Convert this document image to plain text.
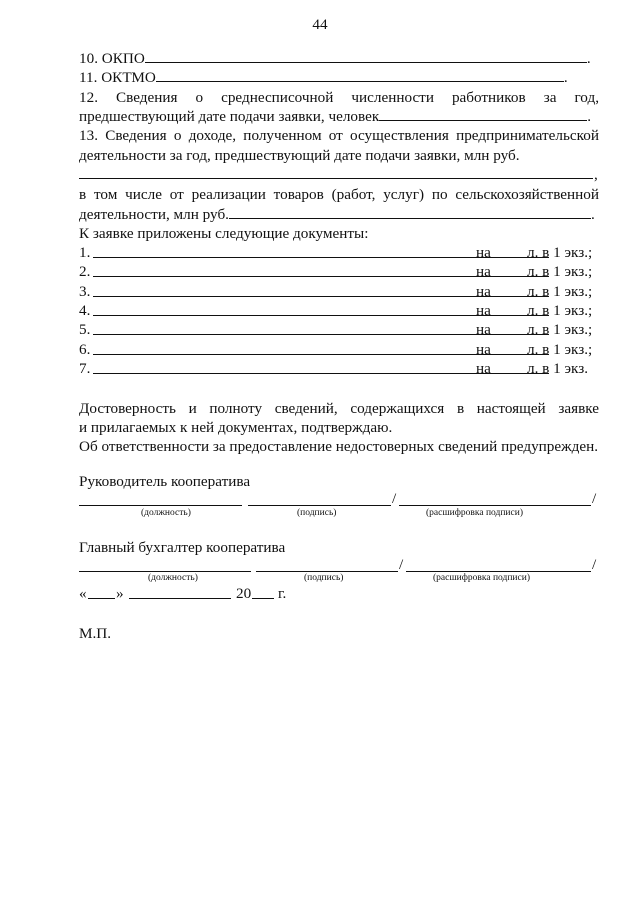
44
10. ОКПО	.
11. ОКТМО	.
12. Сведения о среднесписочной численности работников за год,
предшествующий дате подачи заявки, человек	.
13. Сведения о доходе, полученном от осуществления предпринимательской
деятельности за год, предшествующий дате подачи заявки, млн руб.
,
в том числе от реализации товаров (работ, услуг) по сельскохозяйственной
деятельности, млн руб.	.
К заявке приложены следующие документы:
1.	на л. в 1 экз.;
2.	на л. в 1 экз.;
3.	на л. в 1 экз.;
4.	на л. в 1 экз.;
5.	на л. в 1 экз.;
6.	на л. в 1 экз.;
7.	на л. в 1 экз.
Достоверность и полноту сведений, содержащихся в настоящей заявке
и прилагаемых к ней документах, подтверждаю.
Об ответственности за предоставление недостоверных сведений предупрежден.
Руководитель кооператива
/	/
(должность)	(подпись)	(расшифровка подписи)
Главный бухгалтер кооператива
/	/
(должность)	(подпись)	(расшифровка подписи)
« »	20 г.
М.П.
